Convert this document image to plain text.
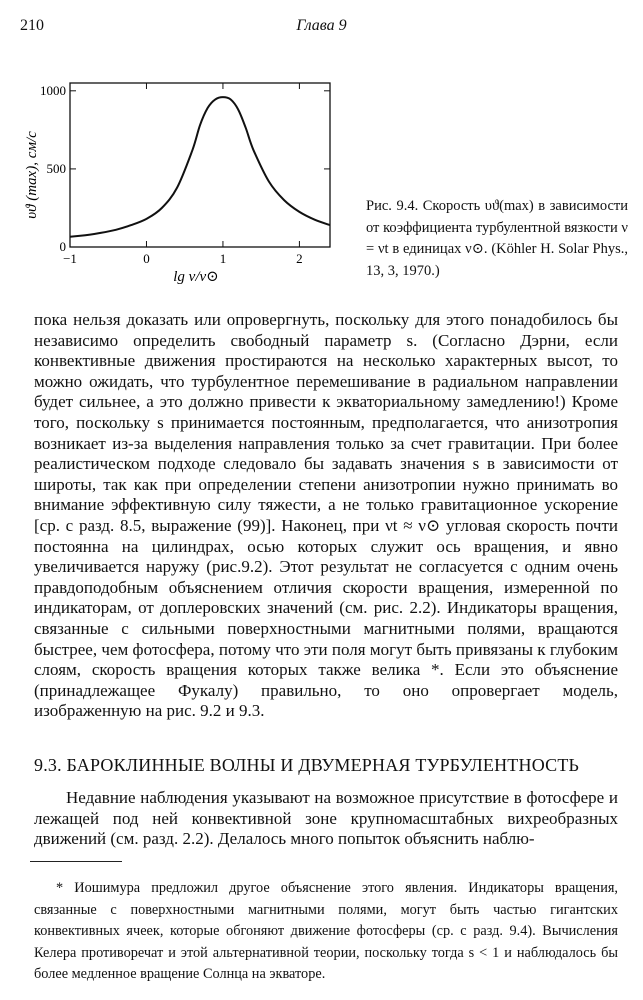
210	Глава 9
−1	0	1	2
0
500
1000
υϑ (max), см/с
lg ν/ν⊙

Рис. 9.4. Скорость υϑ(max) в зависимости от коэффициента турбулентной вязкости ν = νt в единицах ν⊙. (Köhler H. Solar Phys., 13, 3, 1970.)

пока нельзя доказать или опровергнуть, поскольку для этого понадобилось бы независимо определить свободный параметр s. (Согласно Дэрни, если конвективные движения простираются на несколько характерных высот, то можно ожидать, что турбулентное перемешивание в радиальном направлении будет сильнее, а это должно привести к экваториальному замедлению!) Кроме того, поскольку s принимается постоянным, предполагается, что анизотропия возникает из-за выделения направления только за счет гравитации. При более реалистическом подходе следовало бы задавать значения s в зависимости от широты, так как при определении степени анизотропии нужно принимать во внимание эффективную силу тяжести, а не только гравитационное ускорение [ср. с разд. 8.5, выражение (99)]. Наконец, при νt ≈ ν⊙ угловая скорость почти постоянна на цилиндрах, осью которых служит ось вращения, и явно увеличивается наружу (рис.9.2). Этот результат не согласуется с одним очень правдоподобным объяснением отличия скорости вращения, измеренной по индикаторам, от доплеровских значений (см. рис. 2.2). Индикаторы вращения, связанные с сильными поверхностными магнитными полями, вращаются быстрее, чем фотосфера, потому что эти поля могут быть привязаны к глубоким слоям, скорость вращения которых также велика *. Если это объяснение (принадлежащее Фукалу) правильно, то оно опровергает модель, изображенную на рис. 9.2 и 9.3.

9.3. БАРОКЛИННЫЕ ВОЛНЫ И ДВУМЕРНАЯ ТУРБУЛЕНТНОСТЬ

Недавние наблюдения указывают на возможное присутствие в фотосфере и лежащей под ней конвективной зоне крупномасштабных вихреобразных движений (см. разд. 2.2). Делалось много попыток объяснить наблю-

* Иошимура предложил другое объяснение этого явления. Индикаторы вращения, связанные с поверхностными магнитными полями, могут быть частью гигантских конвективных ячеек, которые обгоняют движение фотосферы (ср. с разд. 9.4). Вычисления Келера противоречат и этой альтернативной теории, поскольку тогда s < 1 и наблюдалось бы более медленное вращение Солнца на экваторе.
